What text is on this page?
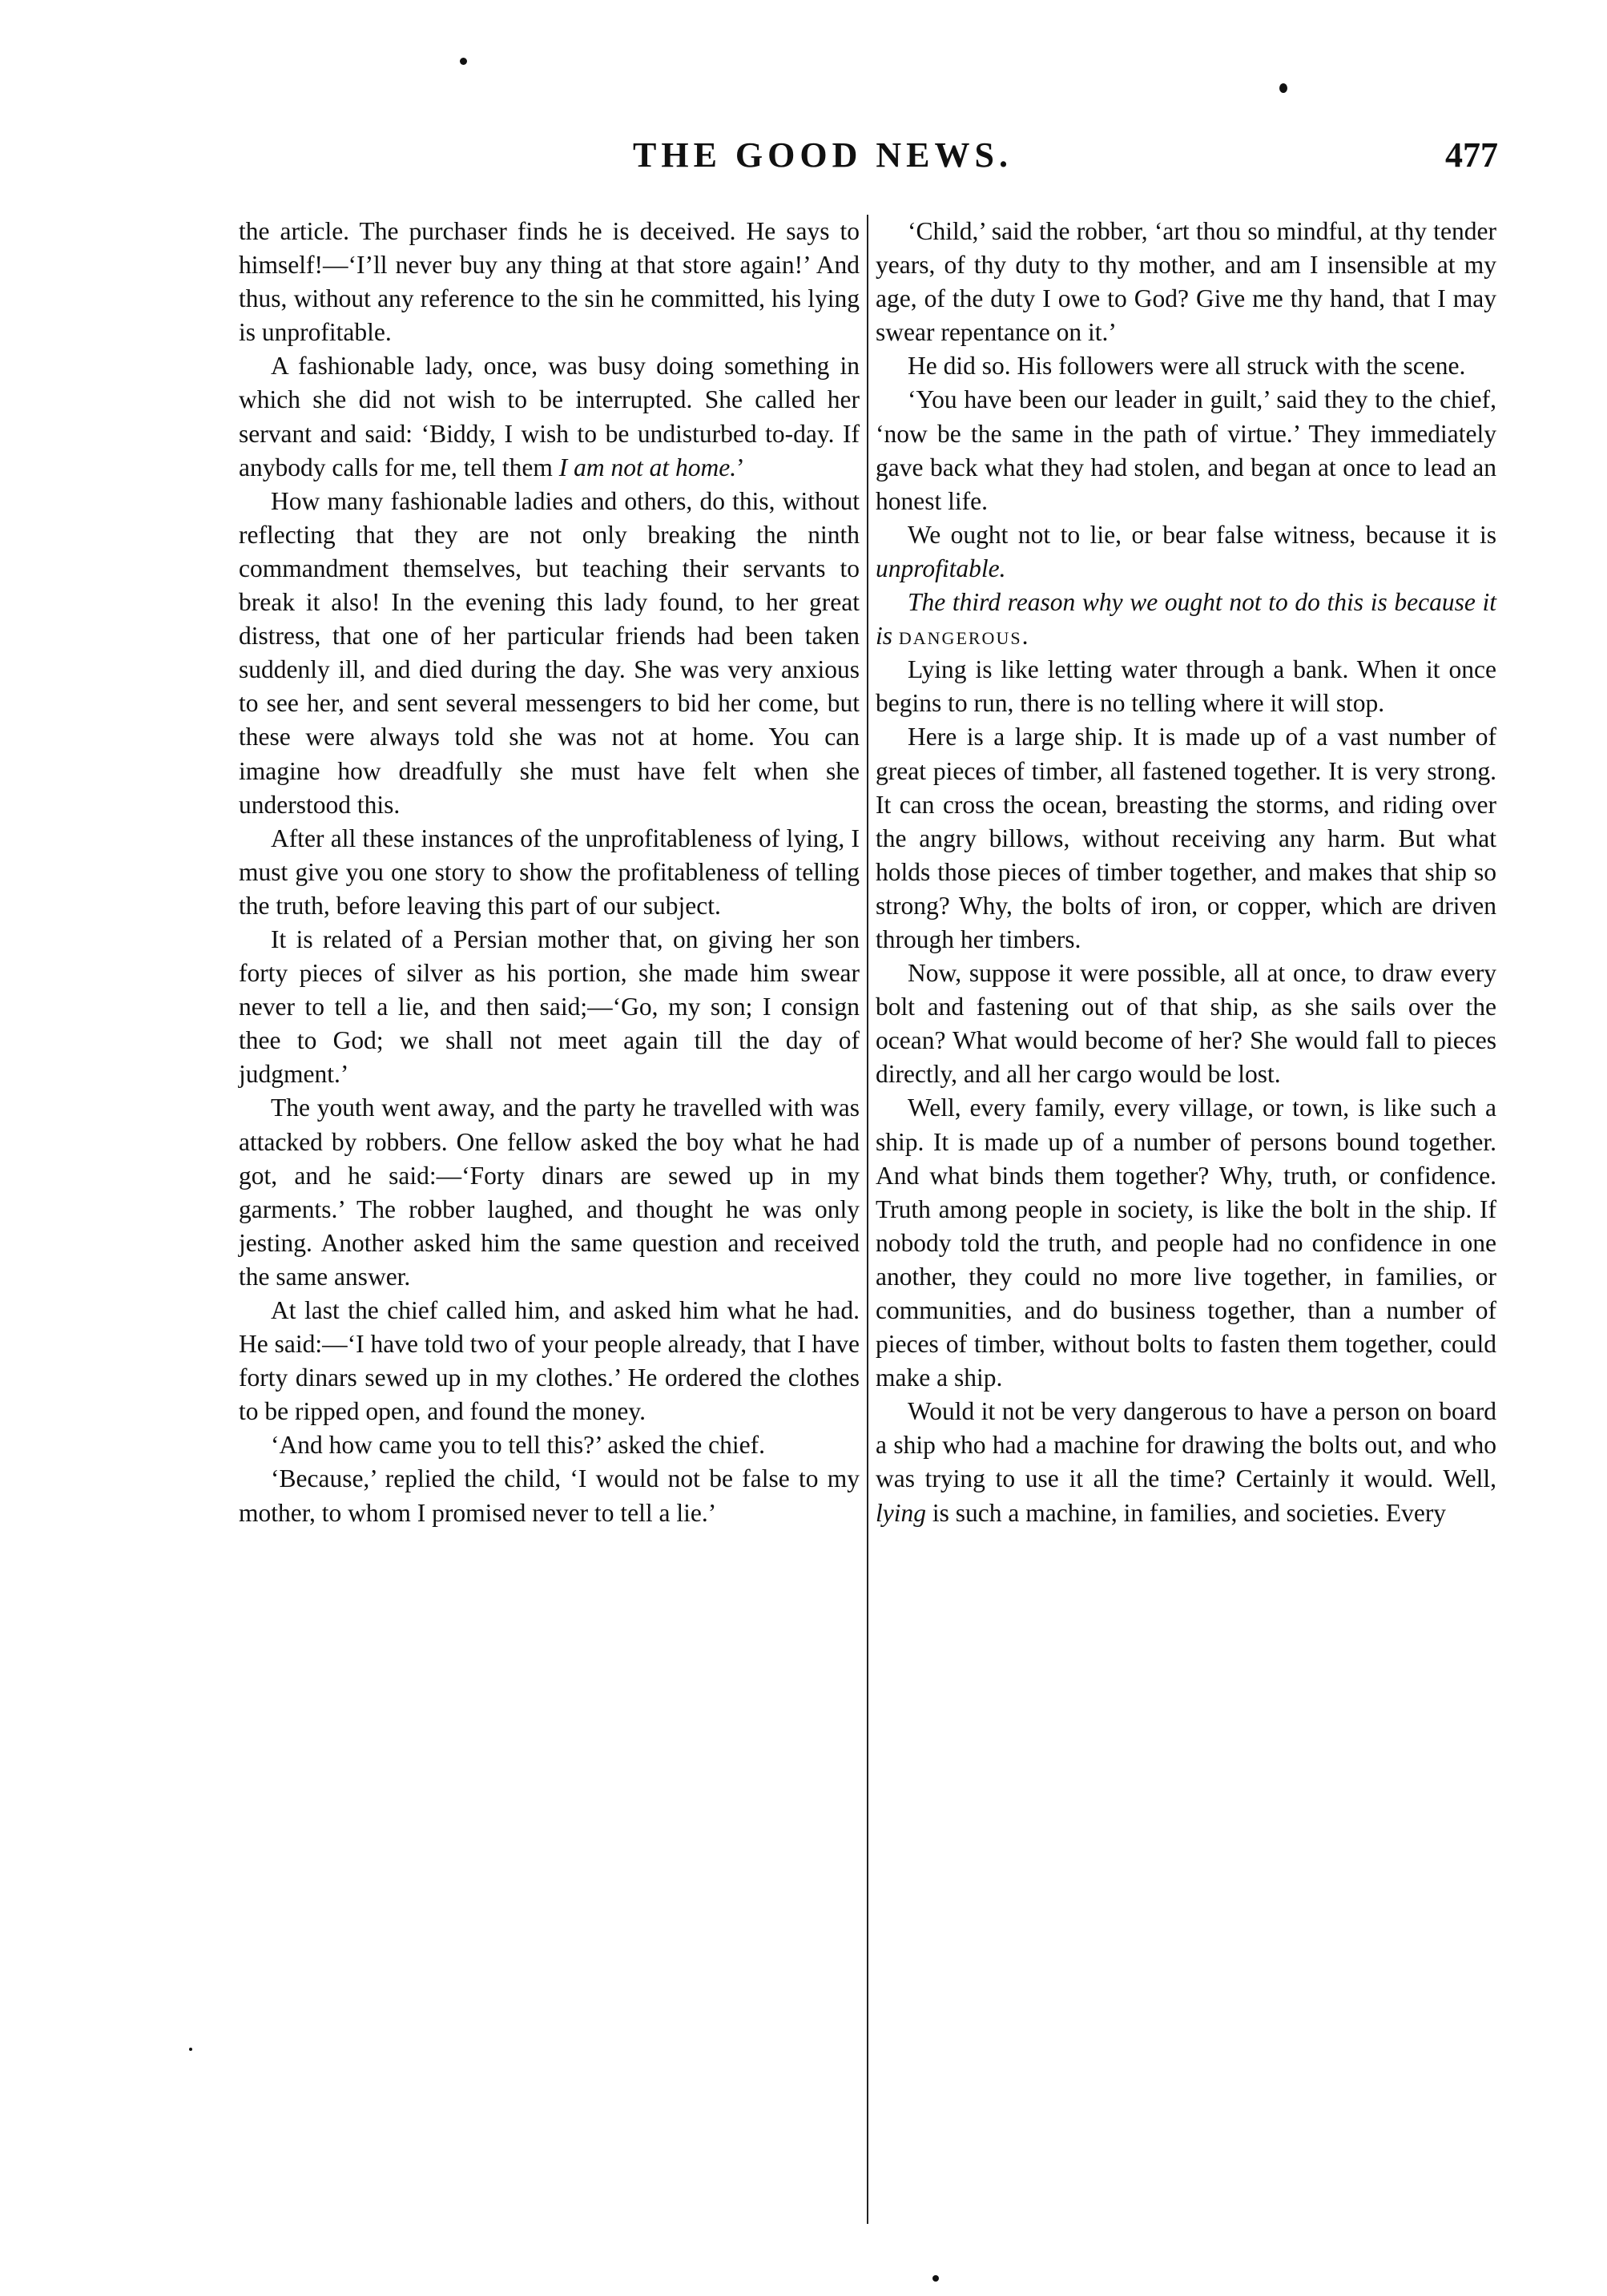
THE GOOD NEWS.	477

the article. The purchaser finds he is deceived. He says to himself!—‘I’ll never buy any thing at that store again!’ And thus, without any reference to the sin he committed, his lying is unprofitable.

A fashionable lady, once, was busy doing something in which she did not wish to be interrupted. She called her servant and said: ‘Biddy, I wish to be undisturbed to-day. If anybody calls for me, tell them I am not at home.’

How many fashionable ladies and others, do this, without reflecting that they are not only breaking the ninth commandment themselves, but teaching their servants to break it also! In the evening this lady found, to her great distress, that one of her particular friends had been taken suddenly ill, and died during the day. She was very anxious to see her, and sent several messengers to bid her come, but these were always told she was not at home. You can imagine how dreadfully she must have felt when she understood this.

After all these instances of the unprofitableness of lying, I must give you one story to show the profitableness of telling the truth, before leaving this part of our subject.

It is related of a Persian mother that, on giving her son forty pieces of silver as his portion, she made him swear never to tell a lie, and then said;—‘Go, my son; I consign thee to God; we shall not meet again till the day of judgment.’

The youth went away, and the party he travelled with was attacked by robbers. One fellow asked the boy what he had got, and he said:—‘Forty dinars are sewed up in my garments.’ The robber laughed, and thought he was only jesting. Another asked him the same question and received the same answer.

At last the chief called him, and asked him what he had. He said:—‘I have told two of your people already, that I have forty dinars sewed up in my clothes.’ He ordered the clothes to be ripped open, and found the money.

‘And how came you to tell this?’ asked the chief.

‘Because,’ replied the child, ‘I would not be false to my mother, to whom I promised never to tell a lie.’

‘Child,’ said the robber, ‘art thou so mindful, at thy tender years, of thy duty to thy mother, and am I insensible at my age, of the duty I owe to God? Give me thy hand, that I may swear repentance on it.’

He did so. His followers were all struck with the scene.

‘You have been our leader in guilt,’ said they to the chief, ‘now be the same in the path of virtue.’ They immediately gave back what they had stolen, and began at once to lead an honest life.

We ought not to lie, or bear false witness, because it is unprofitable.

The third reason why we ought not to do this is because it is dangerous.

Lying is like letting water through a bank. When it once begins to run, there is no telling where it will stop.

Here is a large ship. It is made up of a vast number of great pieces of timber, all fastened together. It is very strong. It can cross the ocean, breasting the storms, and riding over the angry billows, without receiving any harm. But what holds those pieces of timber together, and makes that ship so strong? Why, the bolts of iron, or copper, which are driven through her timbers.

Now, suppose it were possible, all at once, to draw every bolt and fastening out of that ship, as she sails over the ocean? What would become of her? She would fall to pieces directly, and all her cargo would be lost.

Well, every family, every village, or town, is like such a ship. It is made up of a number of persons bound together. And what binds them together? Why, truth, or confidence. Truth among people in society, is like the bolt in the ship. If nobody told the truth, and people had no confidence in one another, they could no more live together, in families, or communities, and do business together, than a number of pieces of timber, without bolts to fasten them together, could make a ship.

Would it not be very dangerous to have a person on board a ship who had a machine for drawing the bolts out, and who was trying to use it all the time? Certainly it would. Well, lying is such a machine, in families, and societies. Every
